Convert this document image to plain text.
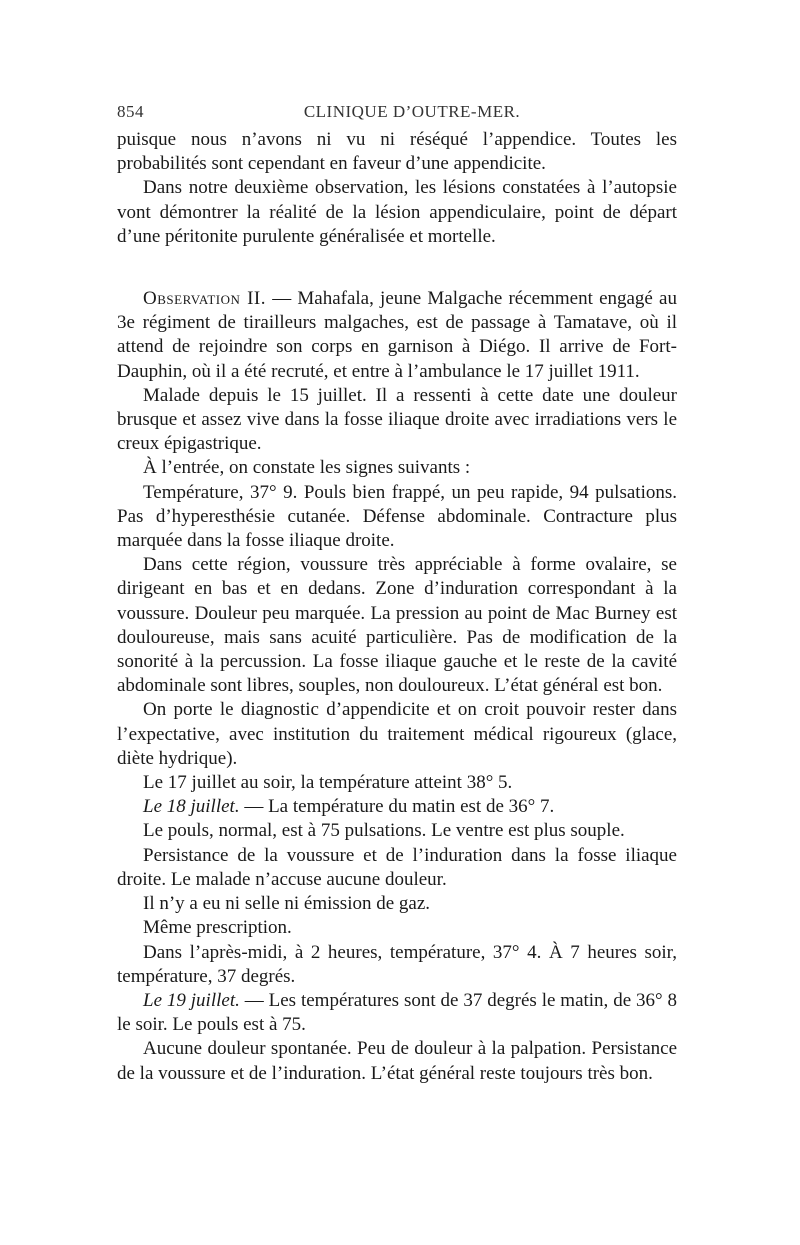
854	CLINIQUE D’OUTRE-MER.

puisque nous n’avons ni vu ni réséqué l’appendice. Toutes les probabilités sont cependant en faveur d’une appendicite.

Dans notre deuxième observation, les lésions constatées à l’autopsie vont démontrer la réalité de la lésion appendiculaire, point de départ d’une péritonite purulente généralisée et mortelle.

Observation II. — Mahafala, jeune Malgache récemment engagé au 3e régiment de tirailleurs malgaches, est de passage à Tamatave, où il attend de rejoindre son corps en garnison à Diégo. Il arrive de Fort-Dauphin, où il a été recruté, et entre à l’ambulance le 17 juillet 1911.

Malade depuis le 15 juillet. Il a ressenti à cette date une douleur brusque et assez vive dans la fosse iliaque droite avec irradiations vers le creux épigastrique.

À l’entrée, on constate les signes suivants :

Température, 37° 9. Pouls bien frappé, un peu rapide, 94 pulsations. Pas d’hyperesthésie cutanée. Défense abdominale. Contracture plus marquée dans la fosse iliaque droite.

Dans cette région, voussure très appréciable à forme ovalaire, se dirigeant en bas et en dedans. Zone d’induration correspondant à la voussure. Douleur peu marquée. La pression au point de Mac Burney est douloureuse, mais sans acuité particulière. Pas de modification de la sonorité à la percussion. La fosse iliaque gauche et le reste de la cavité abdominale sont libres, souples, non douloureux. L’état général est bon.

On porte le diagnostic d’appendicite et on croit pouvoir rester dans l’expectative, avec institution du traitement médical rigoureux (glace, diète hydrique).

Le 17 juillet au soir, la température atteint 38° 5.

Le 18 juillet. — La température du matin est de 36° 7.

Le pouls, normal, est à 75 pulsations. Le ventre est plus souple.

Persistance de la voussure et de l’induration dans la fosse iliaque droite. Le malade n’accuse aucune douleur.

Il n’y a eu ni selle ni émission de gaz.

Même prescription.

Dans l’après-midi, à 2 heures, température, 37° 4. À 7 heures soir, température, 37 degrés.

Le 19 juillet. — Les températures sont de 37 degrés le matin, de 36° 8 le soir. Le pouls est à 75.

Aucune douleur spontanée. Peu de douleur à la palpation. Persistance de la voussure et de l’induration. L’état général reste toujours très bon.
